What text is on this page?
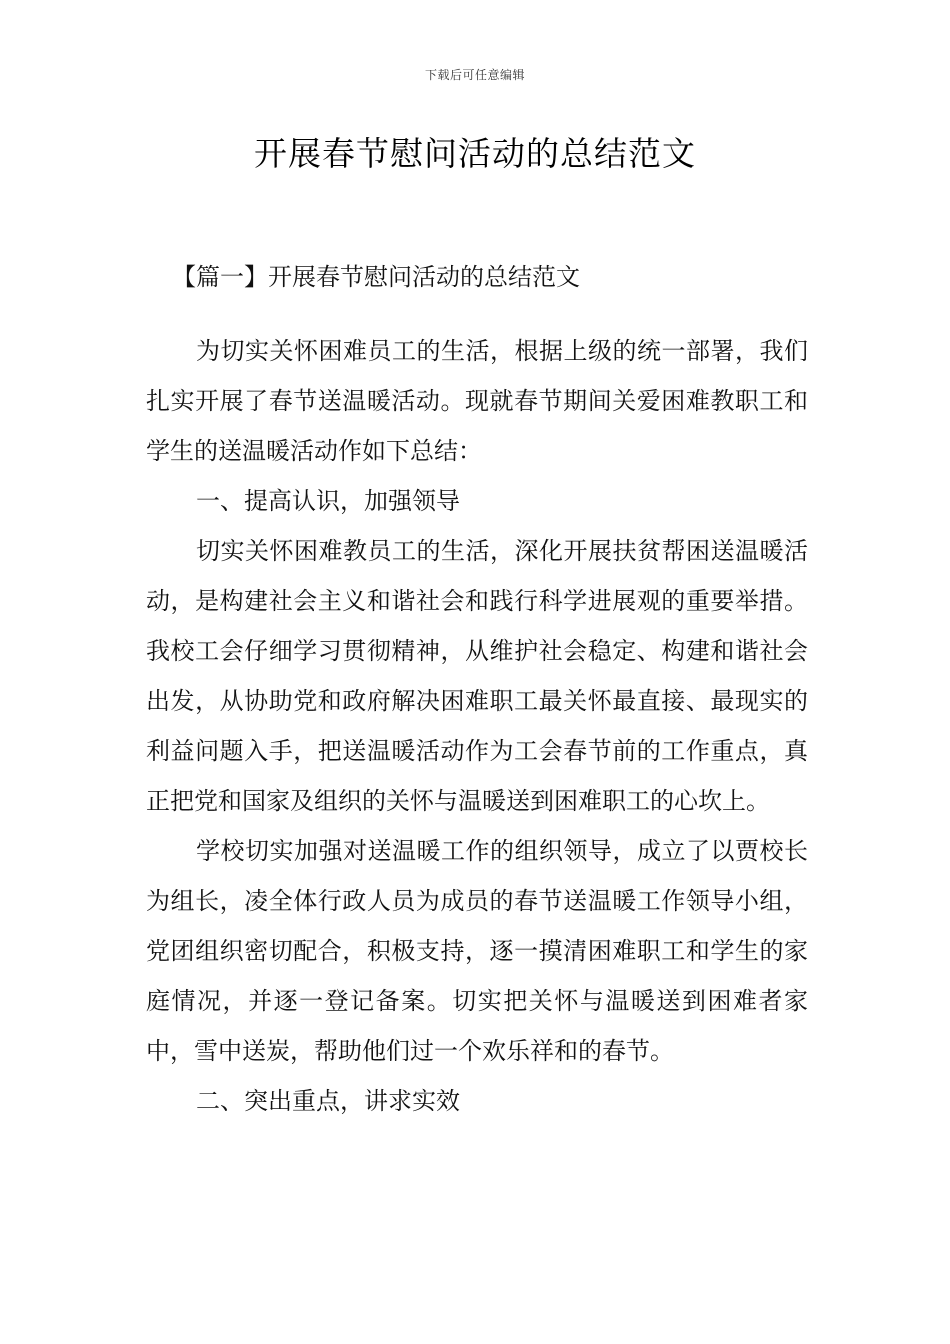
下载后可任意编辑
开展春节慰问活动的总结范文
【篇一】开展春节慰问活动的总结范文

为切实关怀困难员工的生活，根据上级的统一部署，我们扎实开展了春节送温暖活动。现就春节期间关爱困难教职工和学生的送温暖活动作如下总结：

一、提高认识，加强领导

切实关怀困难教员工的生活，深化开展扶贫帮困送温暖活动，是构建社会主义和谐社会和践行科学进展观的重要举措。我校工会仔细学习贯彻精神，从维护社会稳定、构建和谐社会出发，从协助党和政府解决困难职工最关怀最直接、最现实的利益问题入手，把送温暖活动作为工会春节前的工作重点，真正把党和国家及组织的关怀与温暖送到困难职工的心坎上。

学校切实加强对送温暖工作的组织领导，成立了以贾校长为组长，凌全体行政人员为成员的春节送温暖工作领导小组，党团组织密切配合，积极支持，逐一摸清困难职工和学生的家庭情况，并逐一登记备案。切实把关怀与温暖送到困难者家中，雪中送炭，帮助他们过一个欢乐祥和的春节。

二、突出重点，讲求实效
